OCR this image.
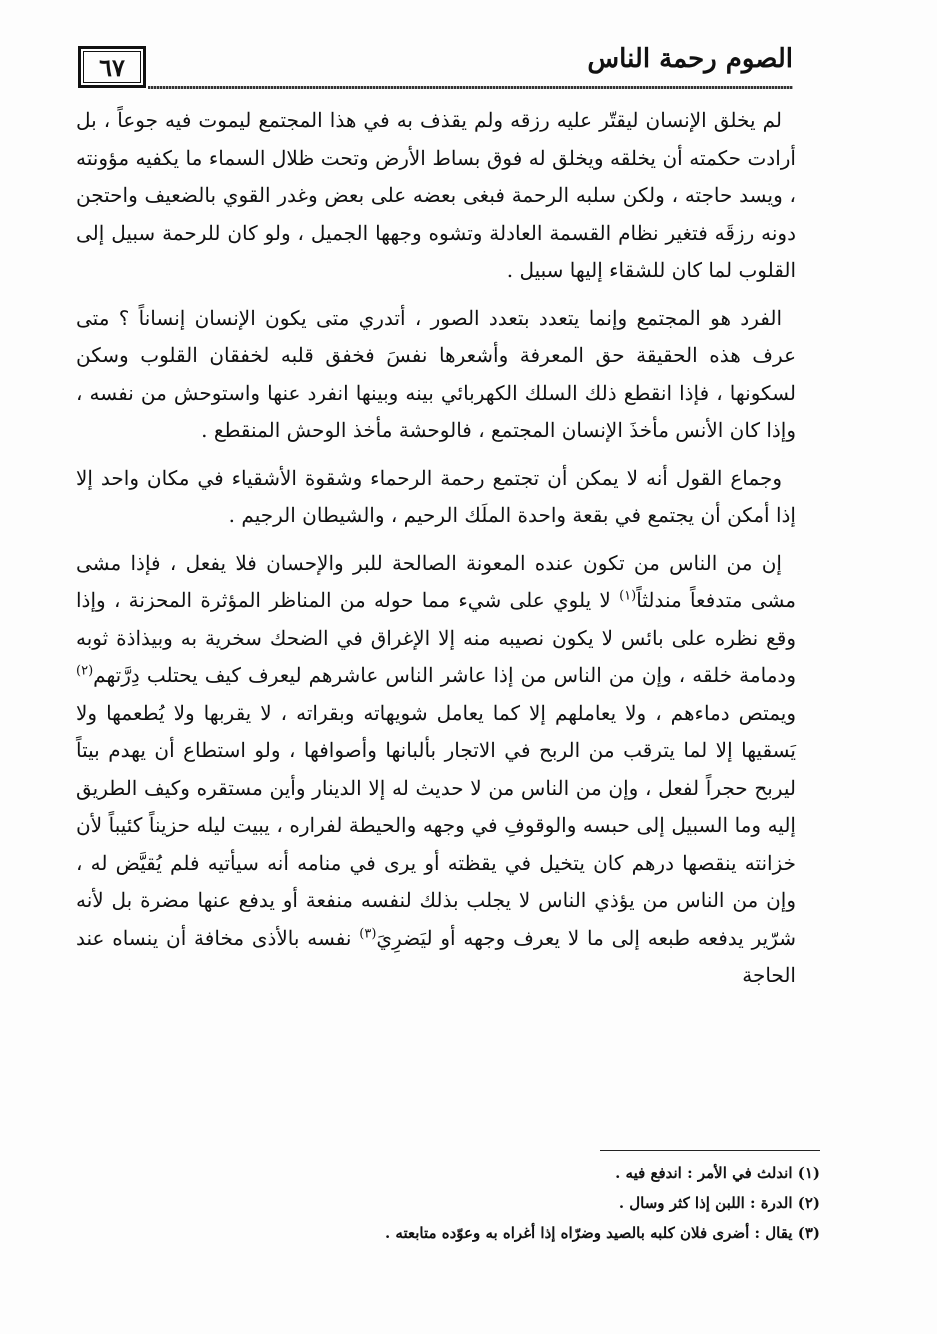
٦٧	الصوم رحمة الناس

لم يخلق الإنسان ليقتّر عليه رزقه ولم يقذف به في هذا المجتمع ليموت فيه جوعاً ، بل أرادت حكمته أن يخلقه ويخلق له فوق بساط الأرض وتحت ظلال السماء ما يكفيه مؤونته ، ويسد حاجته ، ولكن سلبه الرحمة فبغى بعضه على بعض وغدر القوي بالضعيف واحتجن دونه رزقَه فتغير نظام القسمة العادلة وتشوه وجهها الجميل ، ولو كان للرحمة سبيل إلى القلوب لما كان للشقاء إليها سبيل .

الفرد هو المجتمع وإنما يتعدد بتعدد الصور ، أتدري متى يكون الإنسان إنساناً ؟ متى عرف هذه الحقيقة حق المعرفة وأشعرها نفسَ فخفق قلبه لخفقان القلوب وسكن لسكونها ، فإذا انقطع ذلك السلك الكهربائي بينه وبينها انفرد عنها واستوحش من نفسه ، وإذا كان الأنس مأخذَ الإنسان المجتمع ، فالوحشة مأخذ الوحش المنقطع .

وجماع القول أنه لا يمكن أن تجتمع رحمة الرحماء وشقوة الأشقياء في مكان واحد إلا إذا أمكن أن يجتمع في بقعة واحدة الملَك الرحيم ، والشيطان الرجيم .

إن من الناس من تكون عنده المعونة الصالحة للبر والإحسان فلا يفعل ، فإذا مشى مشى متدفعاً مندلثاً$^{(١)}$ لا يلوي على شيء مما حوله من المناظر المؤثرة المحزنة ، وإذا وقع نظره على بائس لا يكون نصيبه منه إلا الإغراق في الضحك سخرية به وبيذاذة ثوبه ودمامة خلقه ، وإن من الناس من إذا عاشر الناس عاشرهم ليعرف كيف يحتلب دِرَّتهم$^{(٢)}$ ويمتص دماءهم ، ولا يعاملهم إلا كما يعامل شويهاته وبقراته ، لا يقربها ولا يُطعمها ولا يَسقيها إلا لما يترقب من الربح في الاتجار بألبانها وأصوافها ، ولو استطاع أن يهدم بيتاً ليربح حجراً لفعل ، وإن من الناس من لا حديث له إلا الدينار وأين مستقره وكيف الطريق إليه وما السبيل إلى حبسه والوقوفِ في وجهه والحيطة لفراره ، يبيت ليله حزيناً كئيباً لأن خزانته ينقصها درهم كان يتخيل في يقظته أو يرى في منامه أنه سيأتيه فلم يُقيَّض له ، وإن من الناس من يؤذي الناس لا يجلب بذلك لنفسه منفعة أو يدفع عنها مضرة بل لأنه شرّير يدفعه طبعه إلى ما لا يعرف وجهه أو ليَضرِيَ$^{(٣)}$ نفسه بالأذى مخافة أن ينساه عند الحاجة

(١) اندلث في الأمر : اندفع فيه .
(٢) الدرة : اللبن إذا كثر وسال .
(٣) يقال : أضرى فلان كلبه بالصيد وضرّاه إذا أغراه به وعوّده متابعته .
